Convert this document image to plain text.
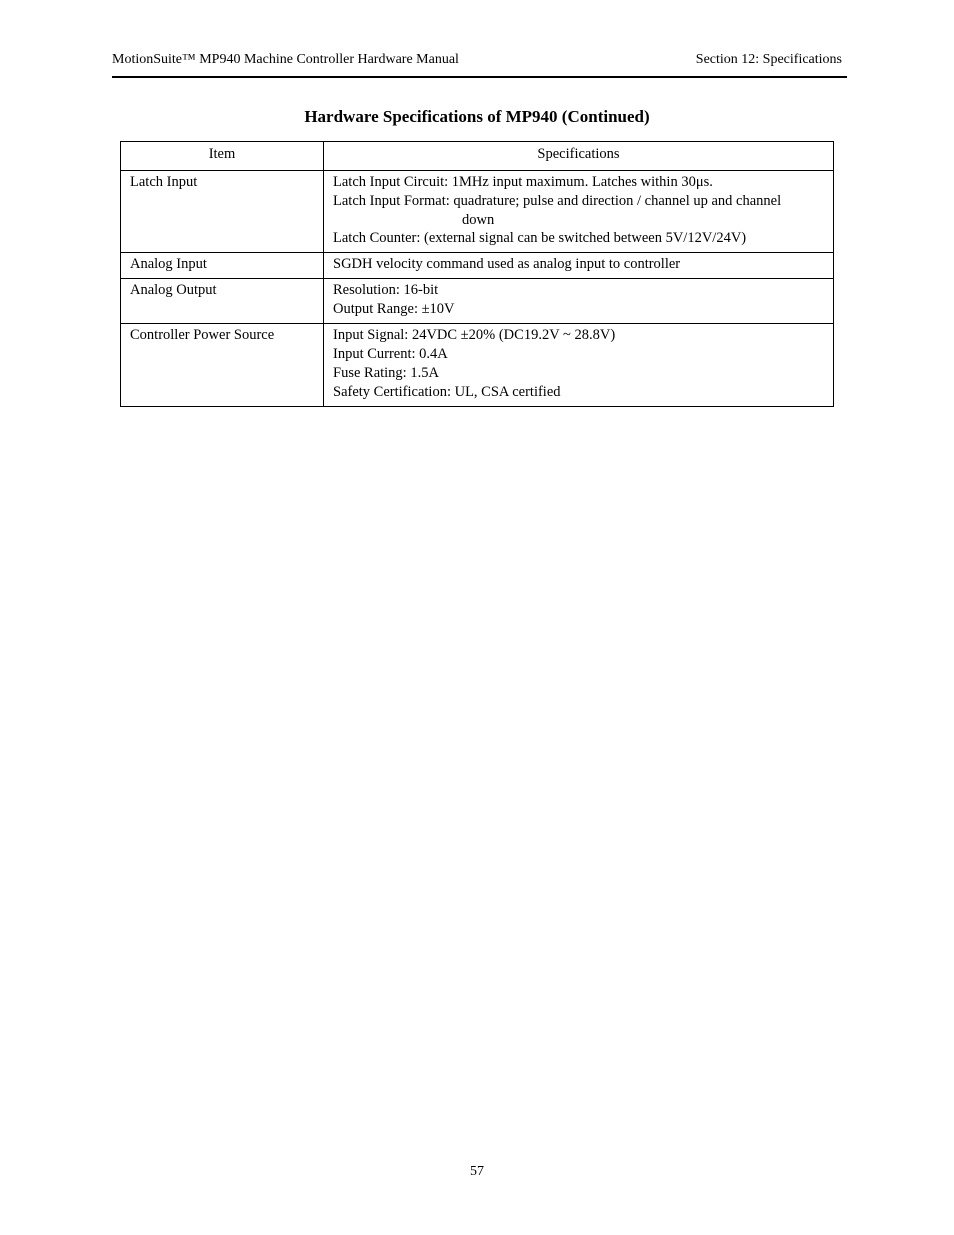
MotionSuite™ MP940 Machine Controller Hardware Manual	Section 12: Specifications
Hardware Specifications of MP940 (Continued)
Item	Specifications
Latch Input	Latch Input Circuit: 1MHz input maximum. Latches within 30μs.
Latch Input Format: quadrature; pulse and direction / channel up and channel
down
Latch Counter: (external signal can be switched between 5V/12V/24V)

Analog Input	SGDH velocity command used as analog input to controller

Analog Output	Resolution: 16-bit
Output Range: ±10V

Controller Power Source	Input Signal: 24VDC ±20% (DC19.2V ~ 28.8V)
Input Current: 0.4A
Fuse Rating: 1.5A
Safety Certification: UL, CSA certified
57
